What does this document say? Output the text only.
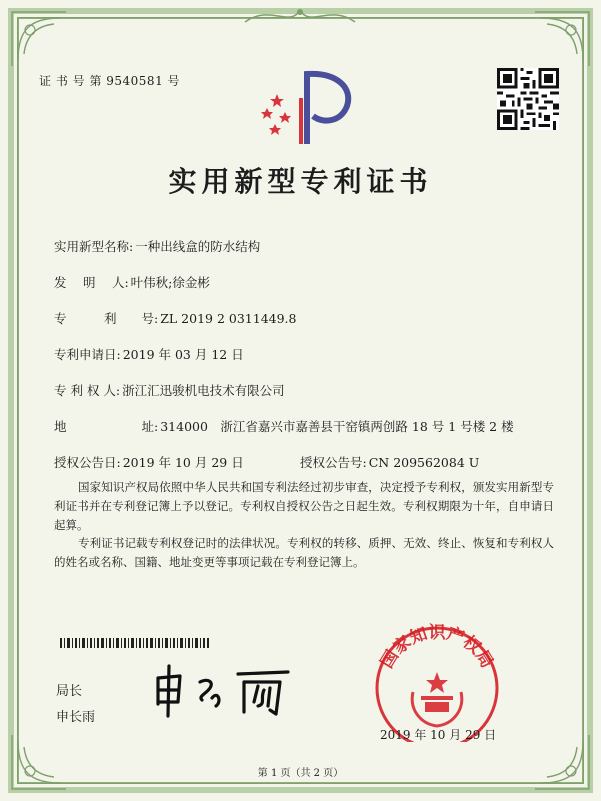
证 书 号 第 9540581 号
实用新型专利证书
实用新型名称: 一种出线盒的防水结构
发　 明　 人: 叶伟秋;徐金彬
专　　　利　　号: ZL 2019 2 0311449.8
专利申请日: 2019 年 03 月 12 日
专 利 权 人: 浙江汇迅骏机电技术有限公司
地　　　　　　址: 314000　浙江省嘉兴市嘉善县干窑镇两创路 18 号 1 号楼 2 楼
授权公告日: 2019 年 10 月 29 日	授权公告号: CN 209562084 U
国家知识产权局依照中华人民共和国专利法经过初步审查，决定授予专利权，颁发实用新型专利证书并在专利登记簿上予以登记。专利权自授权公告之日起生效。专利权期限为十年，自申请日起算。
专利证书记载专利权登记时的法律状况。专利权的转移、质押、无效、终止、恢复和专利权人的姓名或名称、国籍、地址变更等事项记载在专利登记簿上。
局长
申长雨
国家知识产权局
2019 年 10 月 29 日
第 1 页（共 2 页）
